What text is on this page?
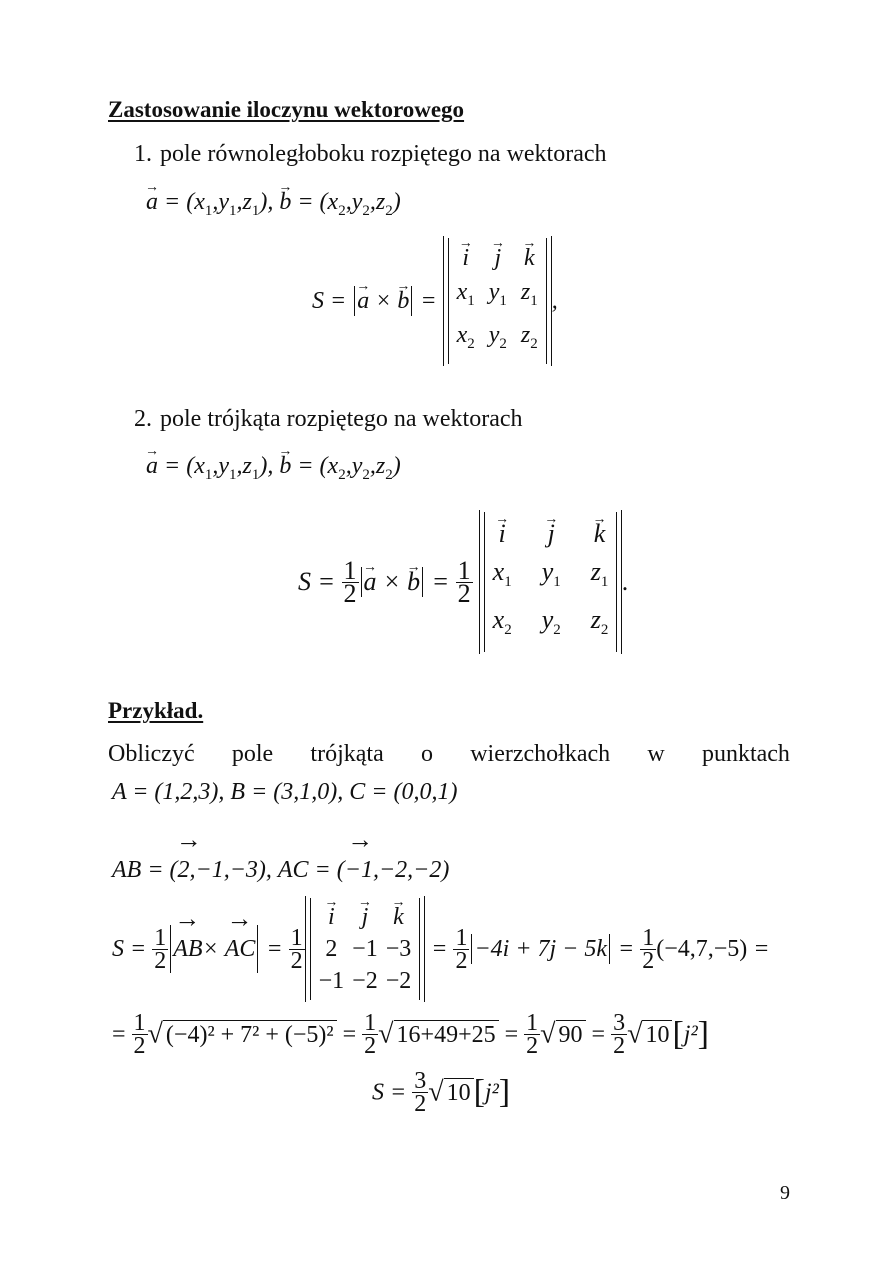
Zastosowanie iloczynu wektorowego
1. pole równoległoboku rozpiętego na wektorach
→ $a = (x_1,y_1,z_1)$, → $b = (x_2,y_2,z_2)$
S = → a × → b =
→ i
→ j
→ k
$x_1$ $y_1$ $z_1$
$x_2$ $y_2$ $z_2$
,
2. pole trójkąta rozpiętego na wektorach
→ $a = (x_1,y_1,z_1)$, → $b = (x_2,y_2,z_2)$
$S = \frac{1}{2}$
→ a × → $b = \frac{1}{2}$
→ i
→ j
→ k
$x_1$ $y_1$ $z_1$
$x_2$ $y_2$ $z_2$
.
Przykład.
Obliczyć pole trójkąta o wierzchołkach w punktach
A = (1,2,3), B = (3,1,0), C = (0,0,1)
→ AB = (2,−1,−3), → AC = (−1,−2,−2)
$S = \frac{1}{2}$
→ AB× → AC = $\frac{1}{2}$
→ i
→	j
→	k
2 −1 −3
−1 −2 −2
= $\frac{1}{2} -4i + 7j - 5k = \frac{1}{2} (-4,7,-5)$ =
= $\frac{1}{2}$ √ $(-4)^2 + 7^2 + (-5)^2 = \frac{1}{2}$ √ $16+49+25 = \frac{1}{2}$ √ $90 = \frac{3}{2}$ √ 10[j²]
$S = \frac{3}{2}$ √ 10[j²]
9
